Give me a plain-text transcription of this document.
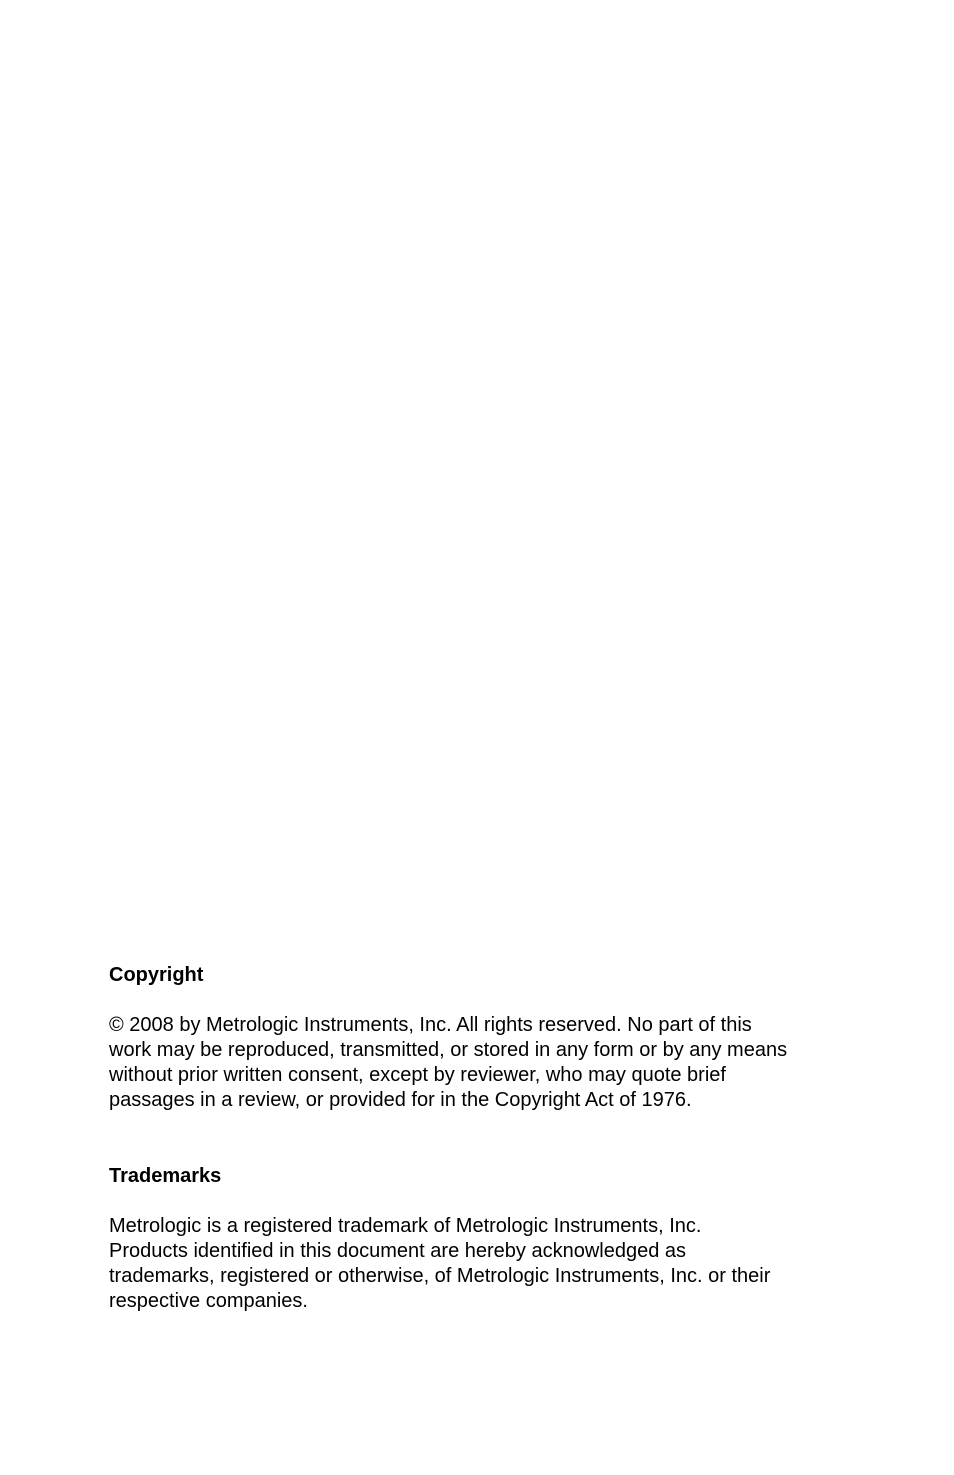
Copyright

© 2008 by Metrologic Instruments, Inc. All rights reserved. No part of this
work may be reproduced, transmitted, or stored in any form or by any means
without prior written consent, except by reviewer, who may quote brief
passages in a review, or provided for in the Copyright Act of 1976.

Trademarks

Metrologic is a registered trademark of Metrologic Instruments, Inc.
Products identified in this document are hereby acknowledged as
trademarks, registered or otherwise, of Metrologic Instruments, Inc. or their
respective companies.
